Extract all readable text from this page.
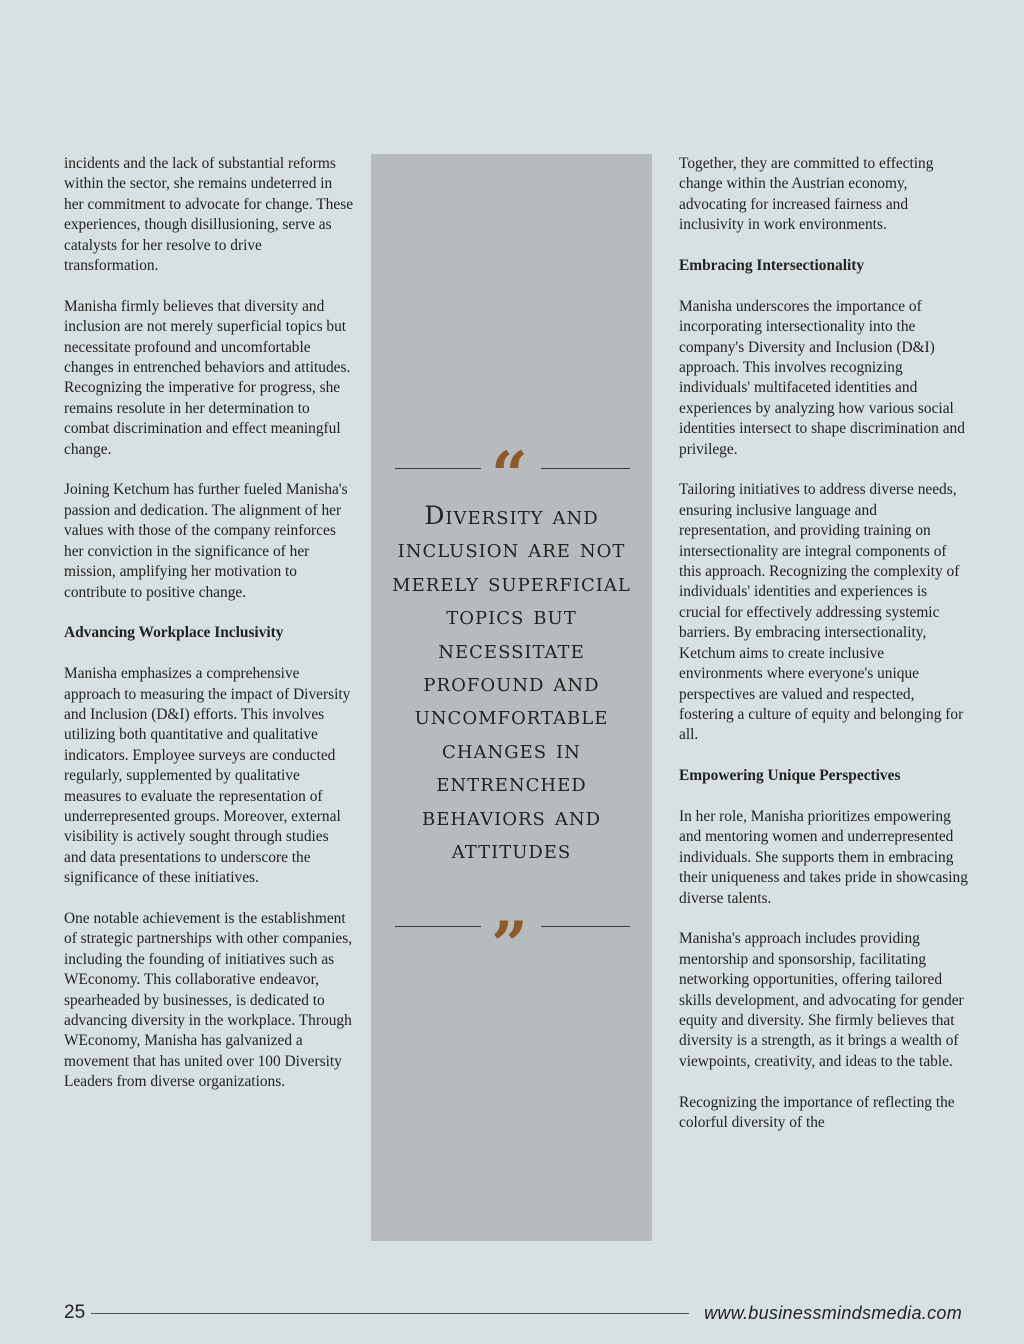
incidents and the lack of substantial reforms within the sector, she remains undeterred in her commitment to advocate for change. These experiences, though disillusioning, serve as catalysts for her resolve to drive transformation.

Manisha firmly believes that diversity and inclusion are not merely superficial topics but necessitate profound and uncomfortable changes in entrenched behaviors and attitudes. Recognizing the imperative for progress, she remains resolute in her determination to combat discrimination and effect meaningful change.

Joining Ketchum has further fueled Manisha's passion and dedication. The alignment of her values with those of the company reinforces her conviction in the significance of her mission, amplifying her motivation to contribute to positive change.

Advancing Workplace Inclusivity

Manisha emphasizes a comprehensive approach to measuring the impact of Diversity and Inclusion (D&I) efforts. This involves utilizing both quantitative and qualitative indicators. Employee surveys are conducted regularly, supplemented by qualitative measures to evaluate the representation of underrepresented groups. Moreover, external visibility is actively sought through studies and data presentations to underscore the significance of these initiatives.

One notable achievement is the establishment of strategic partnerships with other companies, including the founding of initiatives such as WEconomy. This collaborative endeavor, spearheaded by businesses, is dedicated to advancing diversity in the workplace. Through WEconomy, Manisha has galvanized a movement that has united over 100 Diversity Leaders from diverse organizations.

“
Diversity and inclusion are not merely superficial topics but necessitate profound and uncomfortable changes in entrenched behaviors and attitudes
”

Together, they are committed to effecting change within the Austrian economy, advocating for increased fairness and inclusivity in work environments.

Embracing Intersectionality

Manisha underscores the importance of incorporating intersectionality into the company's Diversity and Inclusion (D&I) approach. This involves recognizing individuals' multifaceted identities and experiences by analyzing how various social identities intersect to shape discrimination and privilege.

Tailoring initiatives to address diverse needs, ensuring inclusive language and representation, and providing training on intersectionality are integral components of this approach. Recognizing the complexity of individuals' identities and experiences is crucial for effectively addressing systemic barriers. By embracing intersectionality, Ketchum aims to create inclusive environments where everyone's unique perspectives are valued and respected, fostering a culture of equity and belonging for all.

Empowering Unique Perspectives

In her role, Manisha prioritizes empowering and mentoring women and underrepresented individuals. She supports them in embracing their uniqueness and takes pride in showcasing diverse talents.

Manisha's approach includes providing mentorship and sponsorship, facilitating networking opportunities, offering tailored skills development, and advocating for gender equity and diversity. She firmly believes that diversity is a strength, as it brings a wealth of viewpoints, creativity, and ideas to the table.

Recognizing the importance of reflecting the colorful diversity of the

25	www.businessmindsmedia.com
